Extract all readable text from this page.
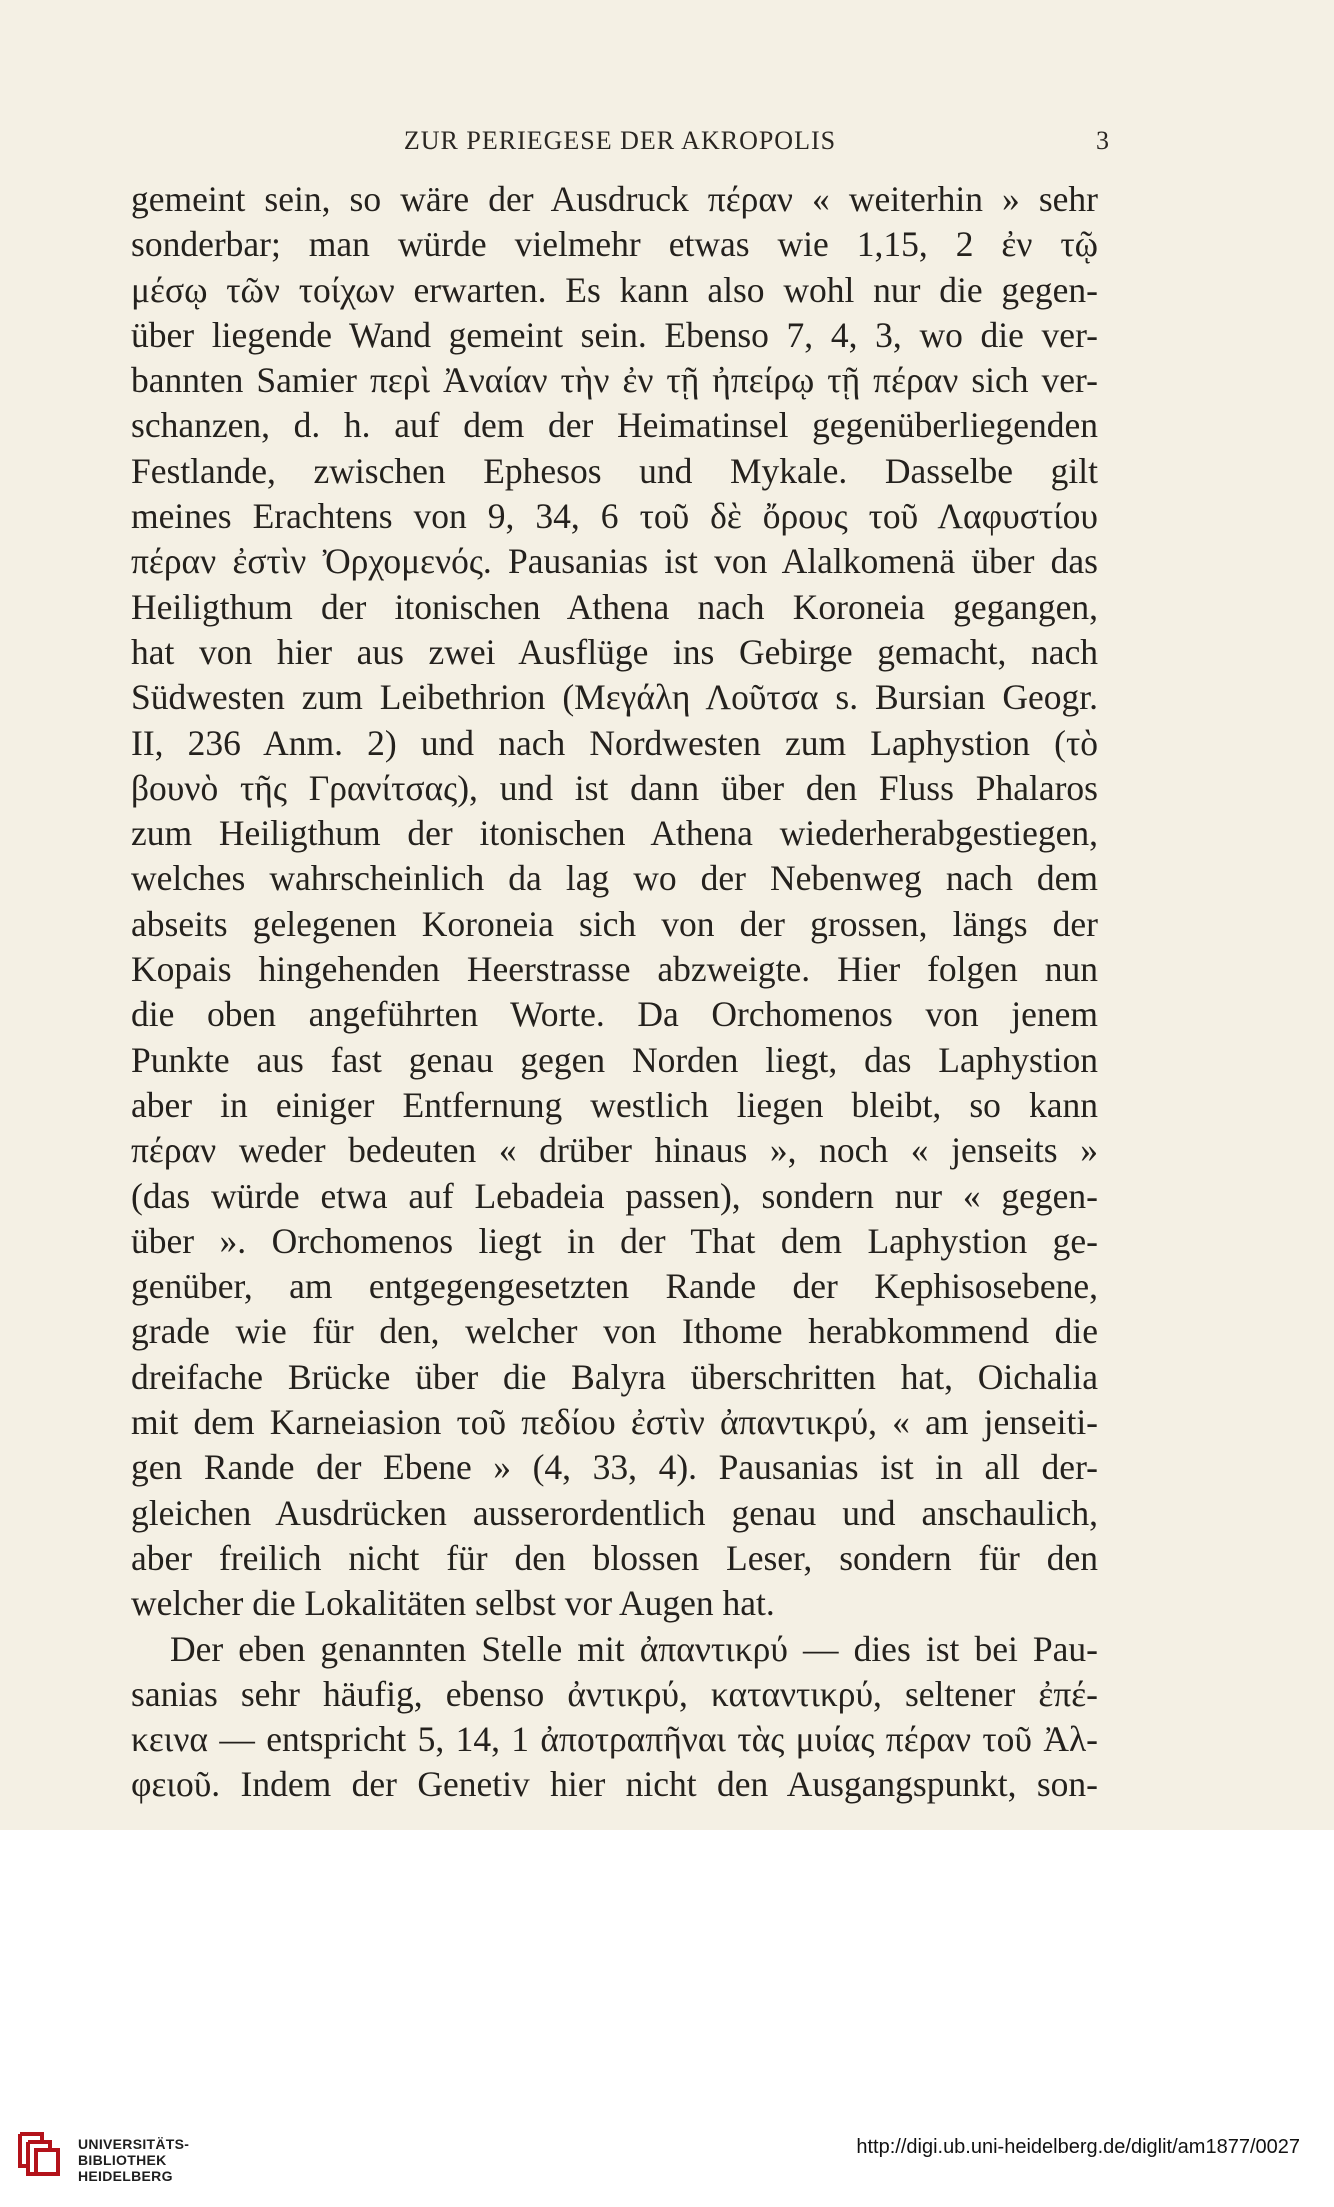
ZUR PERIEGESE DER AKROPOLIS	3
gemeint sein, so wäre der Ausdruck πέραν « weiterhin » sehr
sonderbar; man würde vielmehr etwas wie 1,15, 2 ἐν τῷ
μέσῳ τῶν τοίχων erwarten. Es kann also wohl nur die gegen-
über liegende Wand gemeint sein. Ebenso 7, 4, 3, wo die ver-
bannten Samier περὶ Ἀναίαν τὴν ἐν τῇ ἠπείρῳ τῇ πέραν sich ver-
schanzen, d. h. auf dem der Heimatinsel gegenüberliegenden
Festlande, zwischen Ephesos und Mykale. Dasselbe gilt
meines Erachtens von 9, 34, 6 τοῦ δὲ ὄρους τοῦ Λαφυστίου
πέραν ἐστὶν Ὀρχομενός. Pausanias ist von Alalkomenä über das
Heiligthum der itonischen Athena nach Koroneia gegangen,
hat von hier aus zwei Ausflüge ins Gebirge gemacht, nach
Südwesten zum Leibethrion (Μεγάλη Λοῦτσα s. Bursian Geogr.
II, 236 Anm. 2) und nach Nordwesten zum Laphystion (τὸ
βουνὸ τῆς Γρανίτσας), und ist dann über den Fluss Phalaros
zum Heiligthum der itonischen Athena wiederherabgestiegen,
welches wahrscheinlich da lag wo der Nebenweg nach dem
abseits gelegenen Koroneia sich von der grossen, längs der
Kopais hingehenden Heerstrasse abzweigte. Hier folgen nun
die oben angeführten Worte. Da Orchomenos von jenem
Punkte aus fast genau gegen Norden liegt, das Laphystion
aber in einiger Entfernung westlich liegen bleibt, so kann
πέραν weder bedeuten « drüber hinaus », noch « jenseits »
(das würde etwa auf Lebadeia passen), sondern nur « gegen-
über ». Orchomenos liegt in der That dem Laphystion ge-
genüber, am entgegengesetzten Rande der Kephisosebene,
grade wie für den, welcher von Ithome herabkommend die
dreifache Brücke über die Balyra überschritten hat, Oichalia
mit dem Karneiasion τοῦ πεδίου ἐστὶν ἀπαντικρύ, « am jenseiti-
gen Rande der Ebene » (4, 33, 4). Pausanias ist in all der-
gleichen Ausdrücken ausserordentlich genau und anschaulich,
aber freilich nicht für den blossen Leser, sondern für den
welcher die Lokalitäten selbst vor Augen hat.
Der eben genannten Stelle mit ἀπαντικρύ — dies ist bei Pau-
sanias sehr häufig, ebenso ἀντικρύ, καταντικρύ, seltener ἐπέ-
κεινα — entspricht 5, 14, 1 ἀποτραπῆναι τὰς μυίας πέραν τοῦ Ἀλ-
φειοῦ. Indem der Genetiv hier nicht den Ausgangspunkt, son-
UNIVERSITÄTS-
BIBLIOTHEK
HEIDELBERG
http://digi.ub.uni-heidelberg.de/diglit/am1877/0027
